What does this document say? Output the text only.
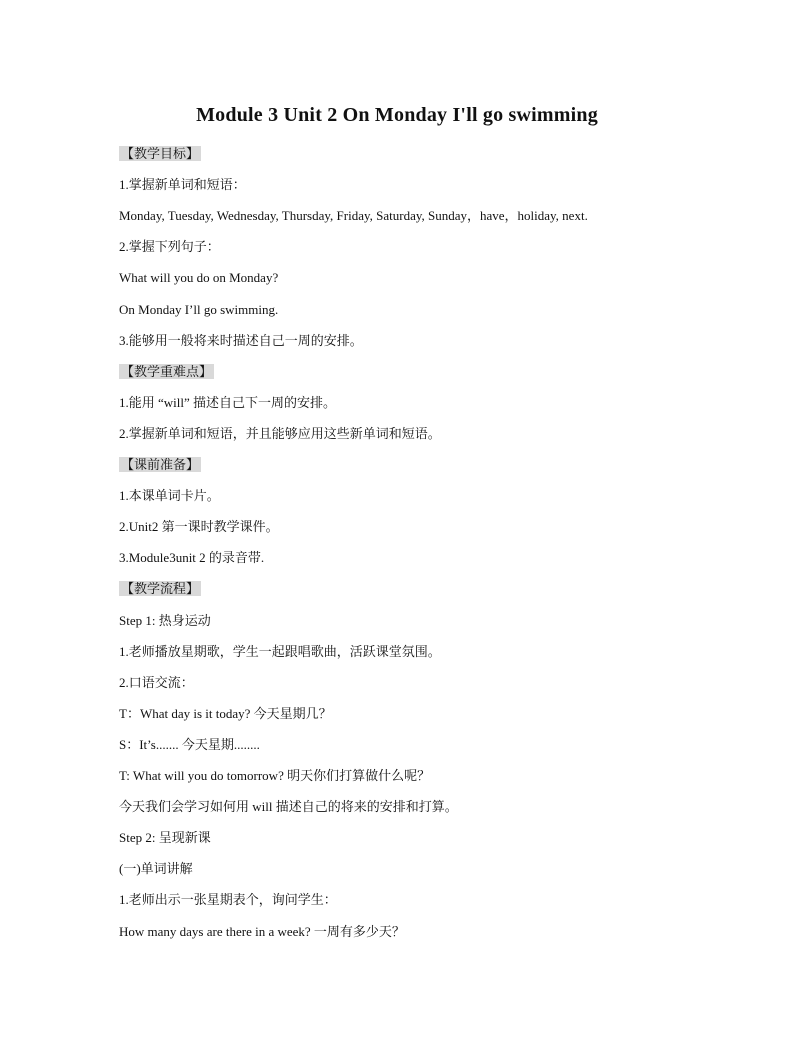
Module 3 Unit 2 On Monday I'll go swimming
【教学目标】
1.掌握新单词和短语：
Monday, Tuesday, Wednesday, Thursday, Friday, Saturday, Sunday，have，holiday, next.
2.掌握下列句子：
What will you do on Monday?
On Monday I’ll go swimming.
3.能够用一般将来时描述自己一周的安排。
【教学重难点】
1.能用 “will” 描述自己下一周的安排。
2.掌握新单词和短语，并且能够应用这些新单词和短语。
【课前准备】
1.本课单词卡片。
2.Unit2 第一课时教学课件。
3.Module3unit 2 的录音带.
【教学流程】
Step 1: 热身运动
1.老师播放星期歌，学生一起跟唱歌曲，活跃课堂氛围。
2.口语交流：
T：What day is it today? 今天星期几？
S：It’s....... 今天星期........
T: What will you do tomorrow? 明天你们打算做什么呢？
今天我们会学习如何用 will 描述自己的将来的安排和打算。
Step 2: 呈现新课
(一)单词讲解
1.老师出示一张星期表个，询问学生：
How many days are there in a week? 一周有多少天？
